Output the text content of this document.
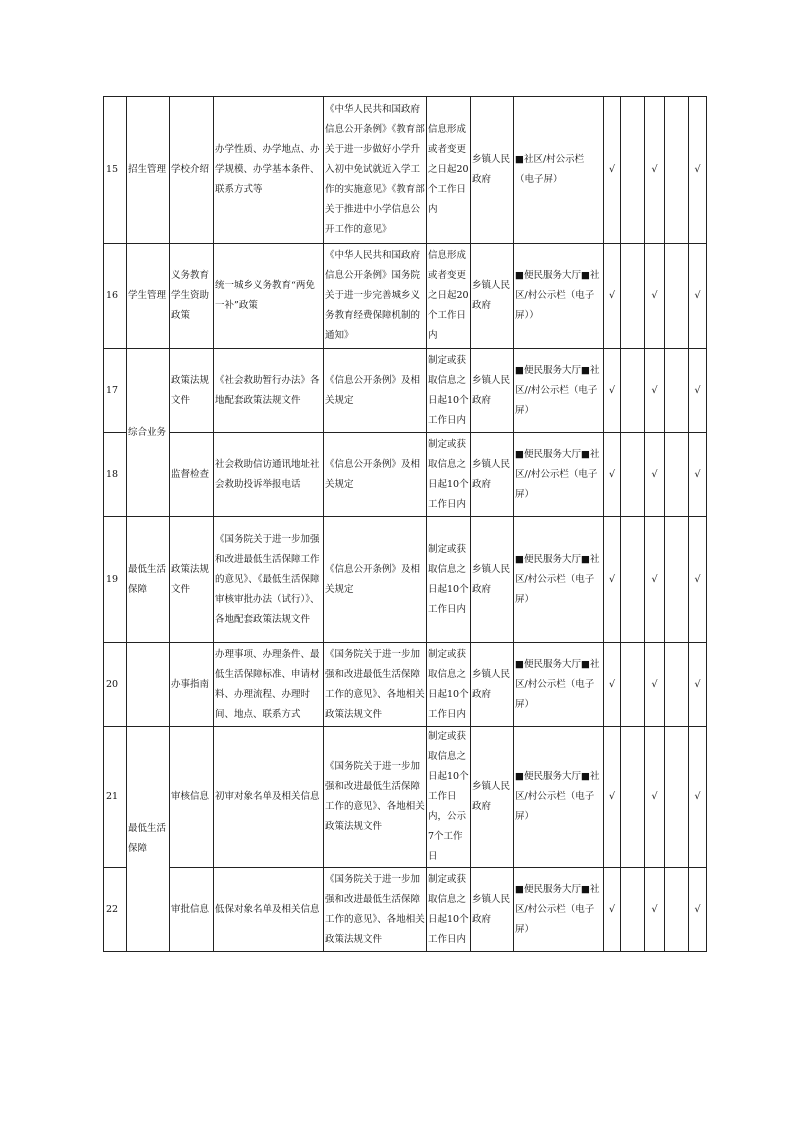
15	招生管理	学校介绍	办学性质、办学地点、办学规模、办学基本条件、联系方式等	《中华人民共和国政府信息公开条例》《教育部关于进一步做好小学升入初中免试就近入学工作的实施意见》《教育部关于推进中小学信息公开工作的意见》	信息形成或者变更之日起20个工作日内	乡镇人民政府	■社区/村公示栏（电子屏）	√		√		√
16	学生管理	义务教育学生资助政策	统一城乡义务教育“两免一补”政策	《中华人民共和国政府信息公开条例》国务院关于进一步完善城乡义务教育经费保障机制的通知》	信息形成或者变更之日起20个工作日内	乡镇人民政府	■便民服务大厅■社区/村公示栏（电子屏））	√		√		√
17	综合业务	政策法规文件	《社会救助暂行办法》各地配套政策法规文件	《信息公开条例》及相关规定	制定或获取信息之日起10个工作日内	乡镇人民政府	■便民服务大厅■社区//村公示栏（电子屏）	√		√		√
18		监督检查	社会救助信访通讯地址社会救助投诉举报电话	《信息公开条例》及相关规定	制定或获取信息之日起10个工作日内	乡镇人民政府	■便民服务大厅■社区//村公示栏（电子屏）	√		√		√
19	最低生活保障	政策法规文件	《国务院关于进一步加强和改进最低生活保障工作的意见》、《最低生活保障审核审批办法（试行）》、各地配套政策法规文件	《信息公开条例》及相关规定	制定或获取信息之日起10个工作日内	乡镇人民政府	■便民服务大厅■社区/村公示栏（电子屏）	√		√		√
20		办事指南	办理事项、办理条件、最低生活保障标准、申请材料、办理流程、办理时间、地点、联系方式	《国务院关于进一步加强和改进最低生活保障工作的意见》、各地相关政策法规文件	制定或获取信息之日起10个工作日内	乡镇人民政府	■便民服务大厅■社区/村公示栏（电子屏）	√		√		√
21	最低生活保障	审核信息	初审对象名单及相关信息	《国务院关于进一步加强和改进最低生活保障工作的意见》、各地相关政策法规文件	制定或获取信息之日起10个工作日内，公示7个工作日	乡镇人民政府	■便民服务大厅■社区/村公示栏（电子屏）	√		√		√
22		审批信息	低保对象名单及相关信息	《国务院关于进一步加强和改进最低生活保障工作的意见》、各地相关政策法规文件	制定或获取信息之日起10个工作日内	乡镇人民政府	■便民服务大厅■社区/村公示栏（电子屏）	√		√		√
